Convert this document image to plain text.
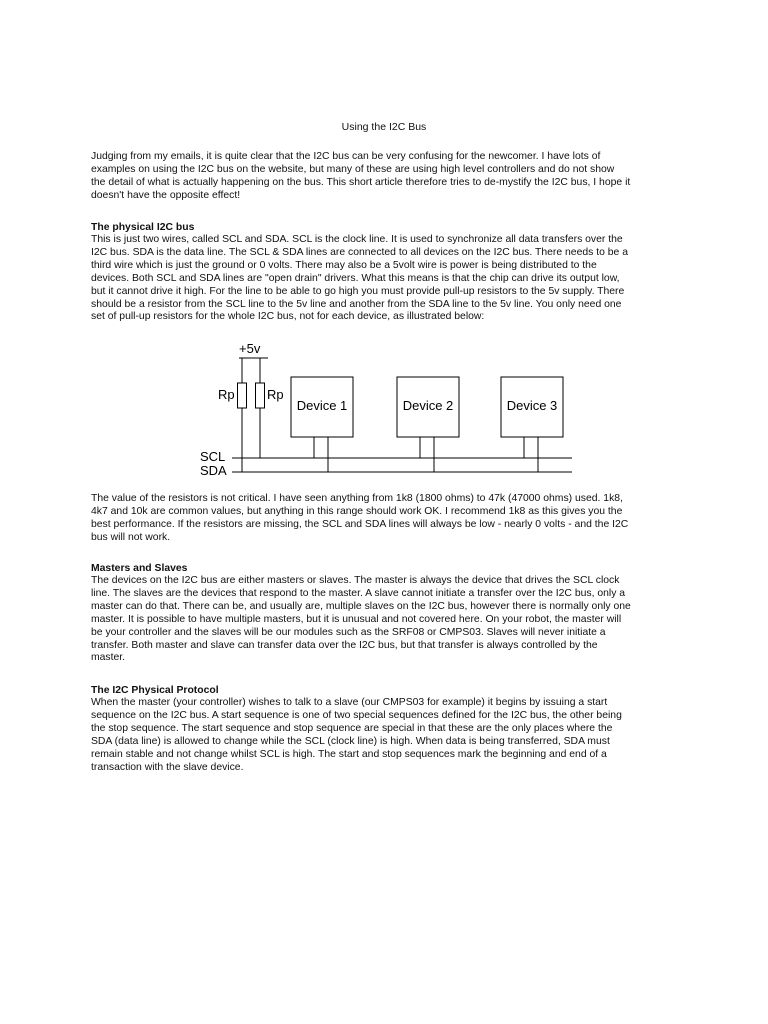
Using the I2C Bus

Judging from my emails, it is quite clear that the I2C bus can be very confusing for the newcomer. I have lots of
examples on using the I2C bus on the website, but many of these are using high level controllers and do not show
the detail of what is actually happening on the bus. This short article therefore tries to de-mystify the I2C bus, I hope it
doesn't have the opposite effect!

The physical I2C bus

This is just two wires, called SCL and SDA. SCL is the clock line. It is used to synchronize all data transfers over the
I2C bus. SDA is the data line. The SCL & SDA lines are connected to all devices on the I2C bus. There needs to be a
third wire which is just the ground or 0 volts. There may also be a 5volt wire is power is being distributed to the
devices. Both SCL and SDA lines are "open drain" drivers. What this means is that the chip can drive its output low,
but it cannot drive it high. For the line to be able to go high you must provide pull-up resistors to the 5v supply. There
should be a resistor from the SCL line to the 5v line and another from the SDA line to the 5v line. You only need one
set of pull-up resistors for the whole I2C bus, not for each device, as illustrated below:

+5v
Rp Rp
Device 1	Device 2	Device 3
SCL
SDA

The value of the resistors is not critical. I have seen anything from 1k8 (1800 ohms) to 47k (47000 ohms) used. 1k8,
4k7 and 10k are common values, but anything in this range should work OK. I recommend 1k8 as this gives you the
best performance. If the resistors are missing, the SCL and SDA lines will always be low - nearly 0 volts - and the I2C
bus will not work.

Masters and Slaves

The devices on the I2C bus are either masters or slaves. The master is always the device that drives the SCL clock
line. The slaves are the devices that respond to the master. A slave cannot initiate a transfer over the I2C bus, only a
master can do that. There can be, and usually are, multiple slaves on the I2C bus, however there is normally only one
master. It is possible to have multiple masters, but it is unusual and not covered here. On your robot, the master will
be your controller and the slaves will be our modules such as the SRF08 or CMPS03. Slaves will never initiate a
transfer. Both master and slave can transfer data over the I2C bus, but that transfer is always controlled by the
master.

The I2C Physical Protocol

When the master (your controller) wishes to talk to a slave (our CMPS03 for example) it begins by issuing a start
sequence on the I2C bus. A start sequence is one of two special sequences defined for the I2C bus, the other being
the stop sequence. The start sequence and stop sequence are special in that these are the only places where the
SDA (data line) is allowed to change while the SCL (clock line) is high. When data is being transferred, SDA must
remain stable and not change whilst SCL is high. The start and stop sequences mark the beginning and end of a
transaction with the slave device.
